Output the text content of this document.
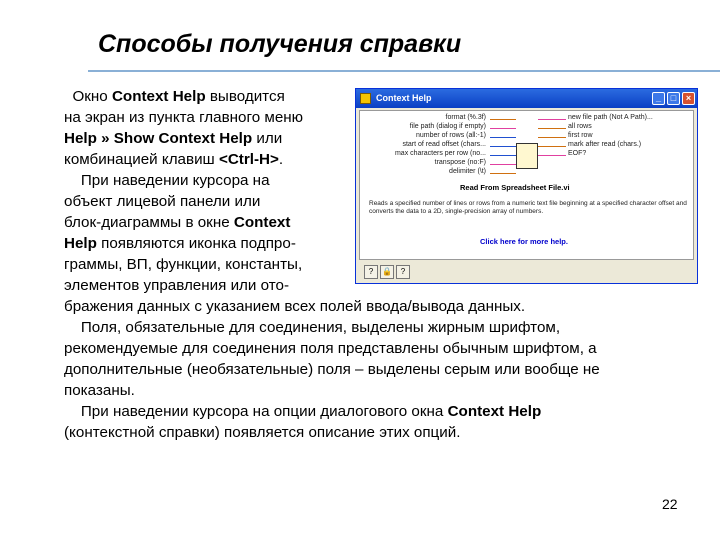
Способы получения справки
Окно Context Help выводится
на экран из пункта главного меню
Help » Show Context Help или
комбинацией клавиш <Ctrl-H>.
При наведении курсора на
объект лицевой панели или
блок-диаграммы в окне Context
Help появляются иконка подпро-
граммы, ВП, функции, константы,
элементов управления или ото-
бражения данных с указанием всех полей ввода/вывода данных.
Поля, обязательные для соединения, выделены жирным шрифтом,
рекомендуемые для соединения поля представлены обычным шрифтом, а
дополнительные (необязательные) поля – выделены серым или вообще не
показаны.
При наведении курсора на опции диалогового окна Context Help
(контекстной справки) появляется описание этих опций.
Context Help	_	□	×
format (%.3f)
file path (dialog if empty)
number of rows (all:-1)
start of read offset (chars...
max characters per row (no...
transpose (no:F)
delimiter (\t)
new file path (Not A Path)...
all rows
first row
mark after read (chars.)
EOF?
Read From Spreadsheet File.vi
Reads a specified number of lines or rows from a numeric text file beginning at a specified character offset and converts the data to a 2D, single-precision array of numbers.
Click here for more help.
?	🔒	?
22
